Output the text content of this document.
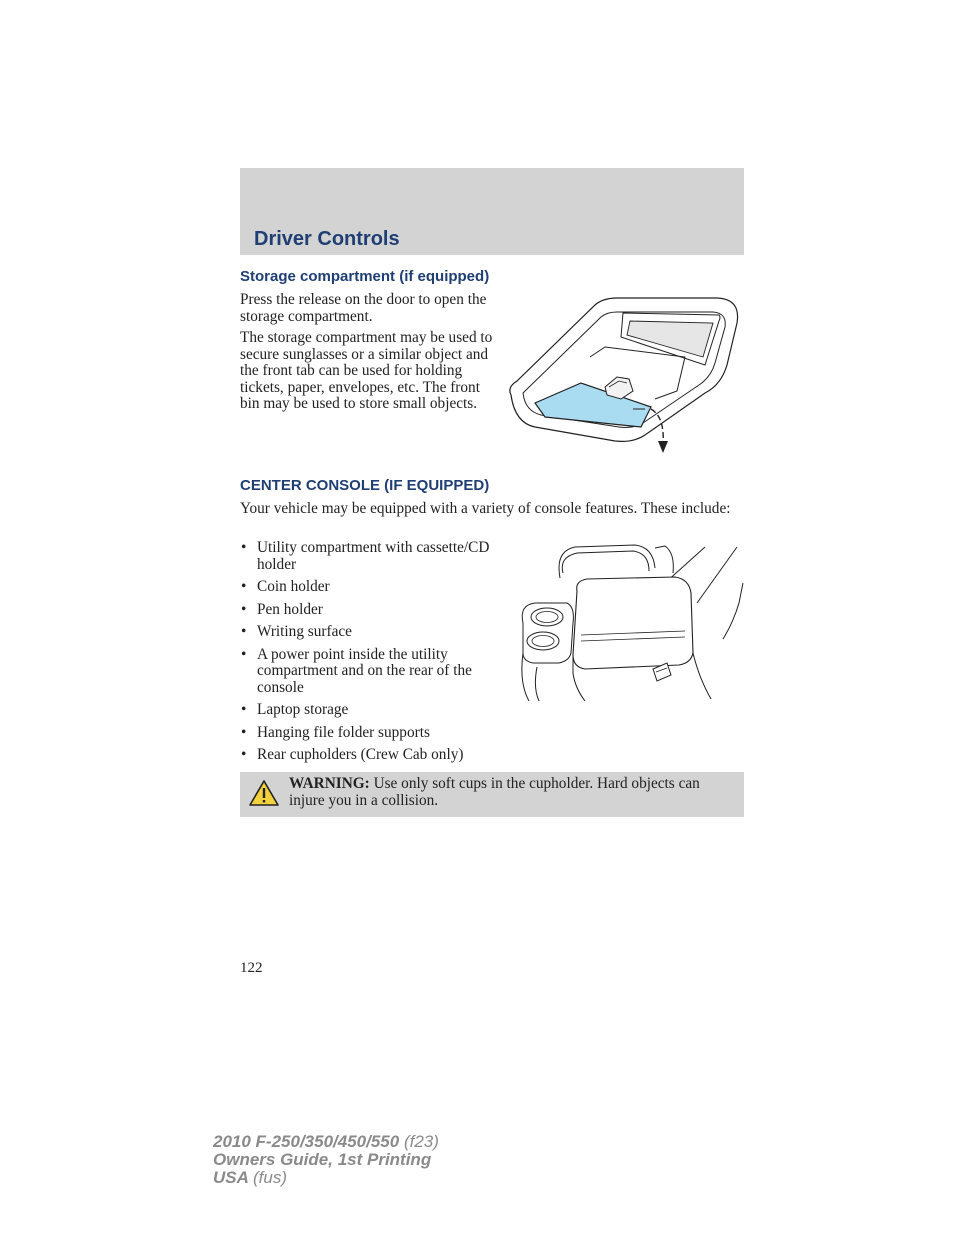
Driver Controls
Storage compartment (if equipped)

Press the release on the door to open the storage compartment.

The storage compartment may be used to secure sunglasses or a similar object and the front tab can be used for holding tickets, paper, envelopes, etc. The front bin may be used to store small objects.

CENTER CONSOLE (IF EQUIPPED)

Your vehicle may be equipped with a variety of console features. These include:

• Utility compartment with cassette/CD holder
• Coin holder
• Pen holder
• Writing surface
• A power point inside the utility compartment and on the rear of the console
• Laptop storage
• Hanging file folder supports
• Rear cupholders (Crew Cab only)
WARNING: Use only soft cups in the cupholder. Hard objects can injure you in a collision.
122
2010 F-250/350/450/550 (f23)
Owners Guide, 1st Printing
USA (fus)
